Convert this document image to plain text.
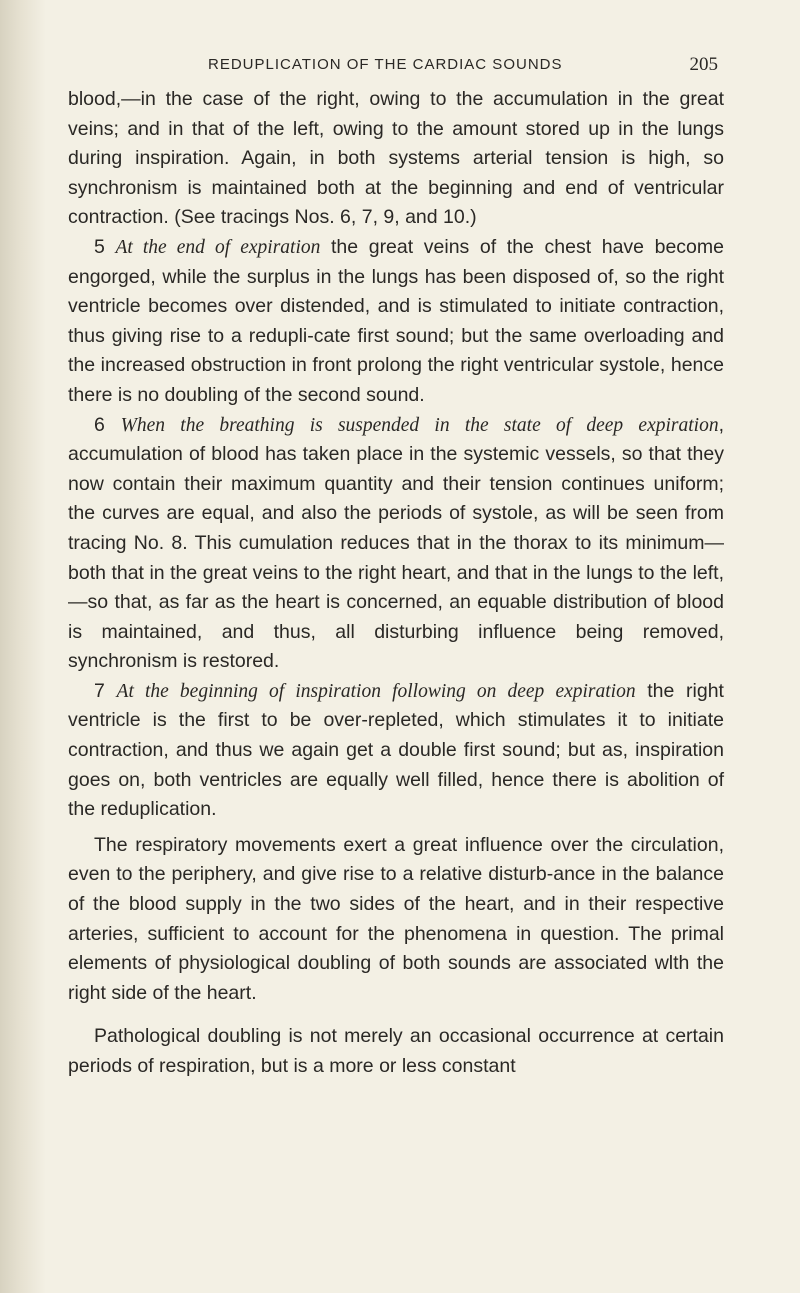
REDUPLICATION OF THE CARDIAC SOUNDS	205

blood,—in the case of the right, owing to the accumulation in the great veins; and in that of the left, owing to the amount stored up in the lungs during inspiration. Again, in both systems arterial tension is high, so synchronism is maintained both at the beginning and end of ventricular contraction. (See tracings Nos. 6, 7, 9, and 10.)

5 At the end of expiration the great veins of the chest have become engorged, while the surplus in the lungs has been disposed of, so the right ventricle becomes over distended, and is stimulated to initiate contraction, thus giving rise to a redupli-cate first sound; but the same overloading and the increased obstruction in front prolong the right ventricular systole, hence there is no doubling of the second sound.

6 When the breathing is suspended in the state of deep expiration, accumulation of blood has taken place in the systemic vessels, so that they now contain their maximum quantity and their tension continues uniform; the curves are equal, and also the periods of systole, as will be seen from tracing No. 8. This cumulation reduces that in the thorax to its minimum—both that in the great veins to the right heart, and that in the lungs to the left,—so that, as far as the heart is concerned, an equable distribution of blood is maintained, and thus, all disturbing influence being removed, synchronism is restored.

7 At the beginning of inspiration following on deep expiration the right ventricle is the first to be over-repleted, which stimulates it to initiate contraction, and thus we again get a double first sound; but as, inspiration goes on, both ventricles are equally well filled, hence there is abolition of the reduplication.

The respiratory movements exert a great influence over the circulation, even to the periphery, and give rise to a relative disturb-ance in the balance of the blood supply in the two sides of the heart, and in their respective arteries, sufficient to account for the phenomena in question. The primal elements of physiological doubling of both sounds are associated wlth the right side of the heart.

Pathological doubling is not merely an occasional occurrence at certain periods of respiration, but is a more or less constant
